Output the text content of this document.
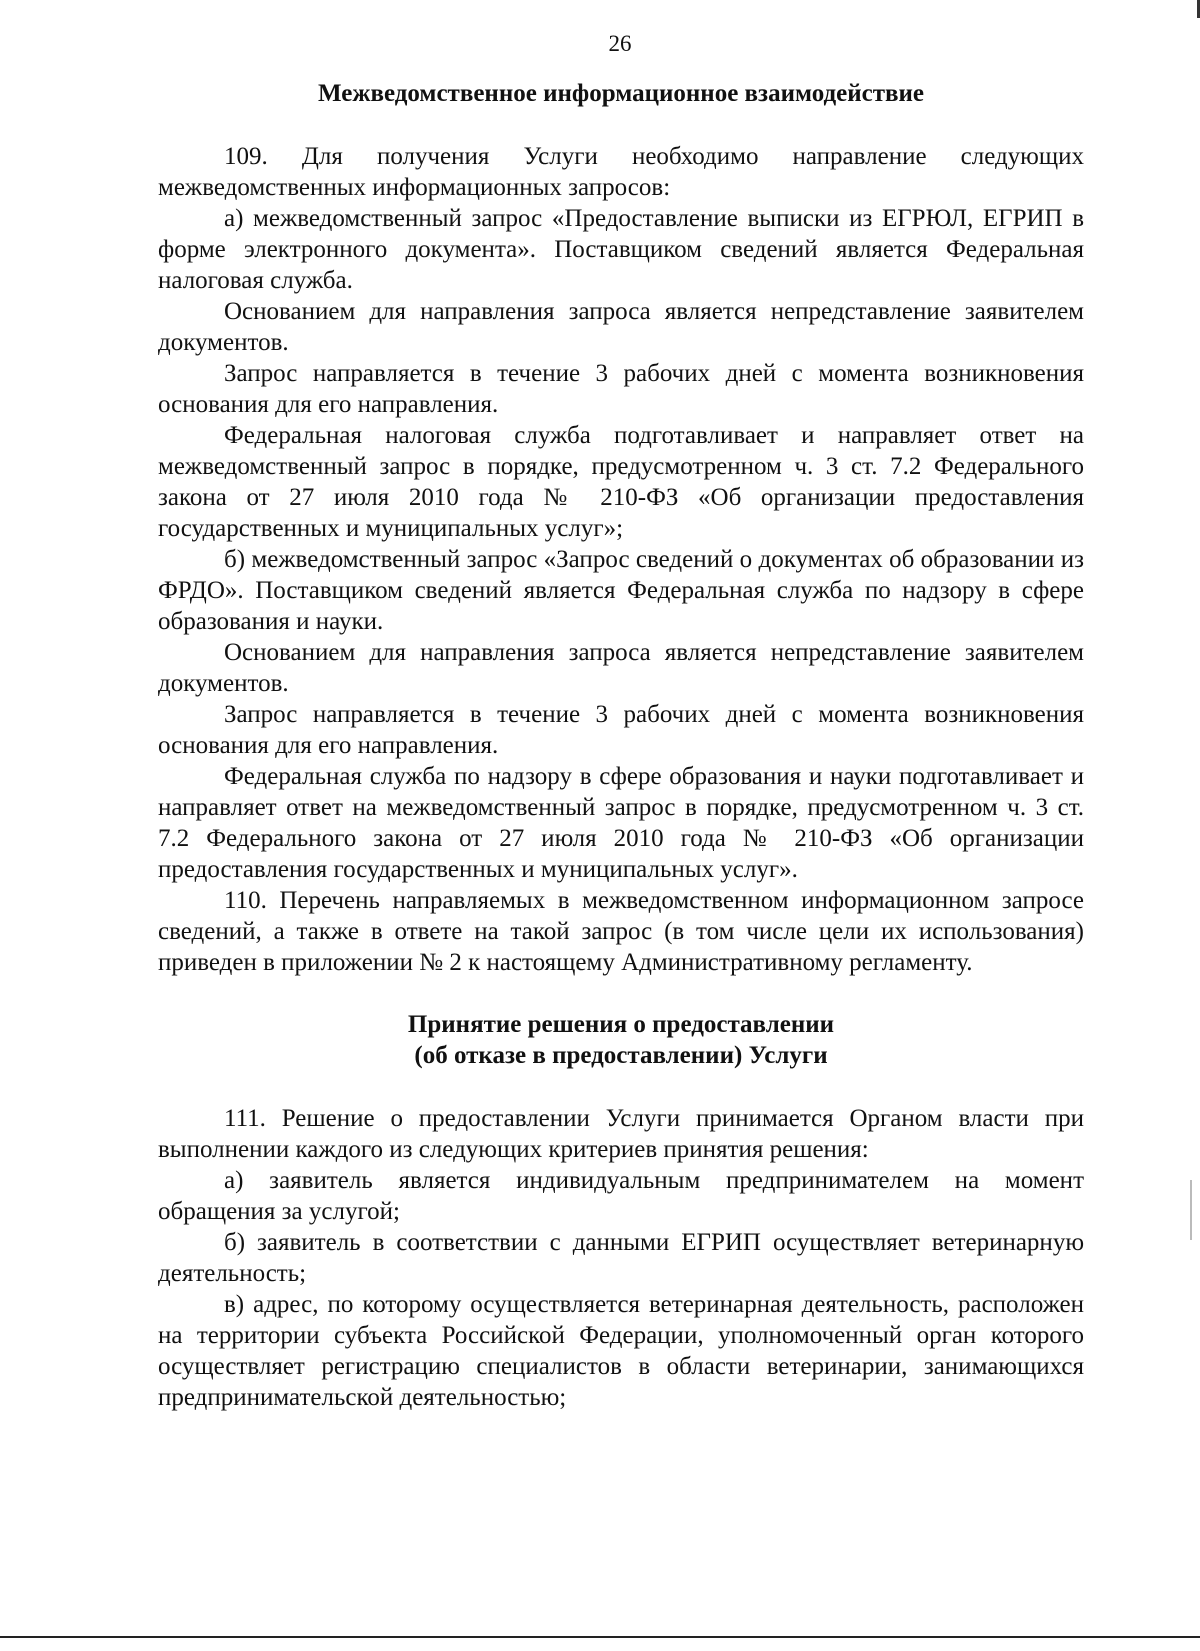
26

Межведомственное информационное взаимодействие

109. Для получения Услуги необходимо направление следующих межведомственных информационных запросов:

а) межведомственный запрос «Предоставление выписки из ЕГРЮЛ, ЕГРИП в форме электронного документа». Поставщиком сведений является Федеральная налоговая служба.

Основанием для направления запроса является непредставление заявителем документов.

Запрос направляется в течение 3 рабочих дней с момента возникновения основания для его направления.

Федеральная налоговая служба подготавливает и направляет ответ на межведомственный запрос в порядке, предусмотренном ч. 3 ст. 7.2 Федерального закона от 27 июля 2010 года № 210-ФЗ «Об организации предоставления государственных и муниципальных услуг»;

б) межведомственный запрос «Запрос сведений о документах об образовании из ФРДО». Поставщиком сведений является Федеральная служба по надзору в сфере образования и науки.

Основанием для направления запроса является непредставление заявителем документов.

Запрос направляется в течение 3 рабочих дней с момента возникновения основания для его направления.

Федеральная служба по надзору в сфере образования и науки подготавливает и направляет ответ на межведомственный запрос в порядке, предусмотренном ч. 3 ст. 7.2 Федерального закона от 27 июля 2010 года № 210-ФЗ «Об организации предоставления государственных и муниципальных услуг».

110. Перечень направляемых в межведомственном информационном запросе сведений, а также в ответе на такой запрос (в том числе цели их использования) приведен в приложении № 2 к настоящему Административному регламенту.

Принятие решения о предоставлении

(об отказе в предоставлении) Услуги

111. Решение о предоставлении Услуги принимается Органом власти при выполнении каждого из следующих критериев принятия решения:

а) заявитель является индивидуальным предпринимателем на момент обращения за услугой;

б) заявитель в соответствии с данными ЕГРИП осуществляет ветеринарную деятельность;

в) адрес, по которому осуществляется ветеринарная деятельность, расположен на территории субъекта Российской Федерации, уполномоченный орган которого осуществляет регистрацию специалистов в области ветеринарии, занимающихся предпринимательской деятельностью;
